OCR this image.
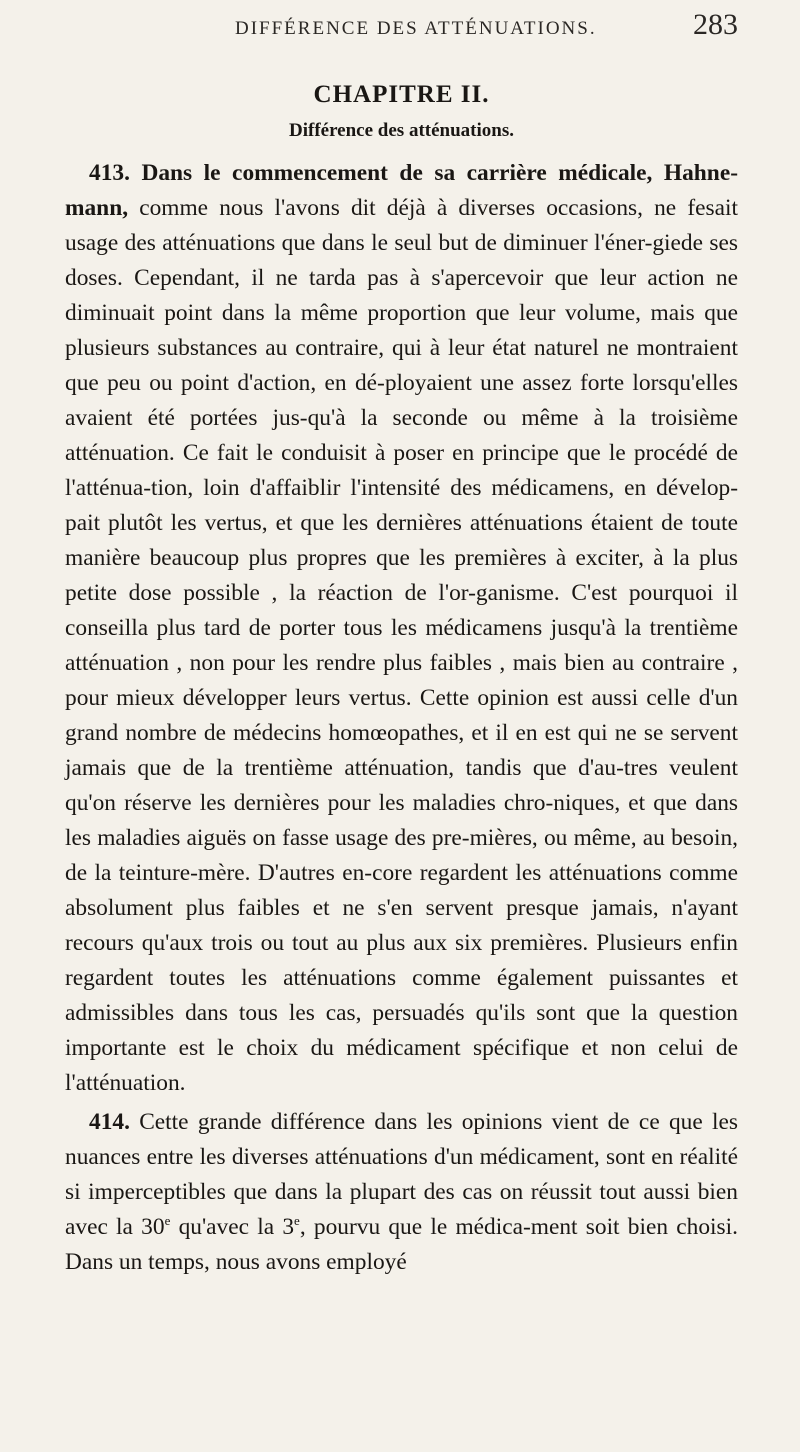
DIFFÉRENCE DES ATTÉNUATIONS.	283
CHAPITRE II.
Différence des atténuations.

413. Dans le commencement de sa carrière médicale, Hahne-mann, comme nous l'avons dit déjà à diverses occasions, ne fesait usage des atténuations que dans le seul but de diminuer l'éner-giede ses doses. Cependant, il ne tarda pas à s'apercevoir que leur action ne diminuait point dans la même proportion que leur volume, mais que plusieurs substances au contraire, qui à leur état naturel ne montraient que peu ou point d'action, en dé-ployaient une assez forte lorsqu'elles avaient été portées jus-qu'à la seconde ou même à la troisième atténuation. Ce fait le conduisit à poser en principe que le procédé de l'atténua-tion, loin d'affaiblir l'intensité des médicamens, en dévelop-pait plutôt les vertus, et que les dernières atténuations étaient de toute manière beaucoup plus propres que les premières à exciter, à la plus petite dose possible , la réaction de l'or-ganisme. C'est pourquoi il conseilla plus tard de porter tous les médicamens jusqu'à la trentième atténuation , non pour les rendre plus faibles , mais bien au contraire , pour mieux développer leurs vertus. Cette opinion est aussi celle d'un grand nombre de médecins homœopathes, et il en est qui ne se servent jamais que de la trentième atténuation, tandis que d'au-tres veulent qu'on réserve les dernières pour les maladies chro-niques, et que dans les maladies aiguës on fasse usage des pre-mières, ou même, au besoin, de la teinture-mère. D'autres en-core regardent les atténuations comme absolument plus faibles et ne s'en servent presque jamais, n'ayant recours qu'aux trois ou tout au plus aux six premières. Plusieurs enfin regardent toutes les atténuations comme également puissantes et admissibles dans tous les cas, persuadés qu'ils sont que la question importante est le choix du médicament spécifique et non celui de l'atténuation.

414. Cette grande différence dans les opinions vient de ce que les nuances entre les diverses atténuations d'un médicament, sont en réalité si imperceptibles que dans la plupart des cas on réussit tout aussi bien avec la 30e qu'avec la 3e, pourvu que le médica-ment soit bien choisi. Dans un temps, nous avons employé
